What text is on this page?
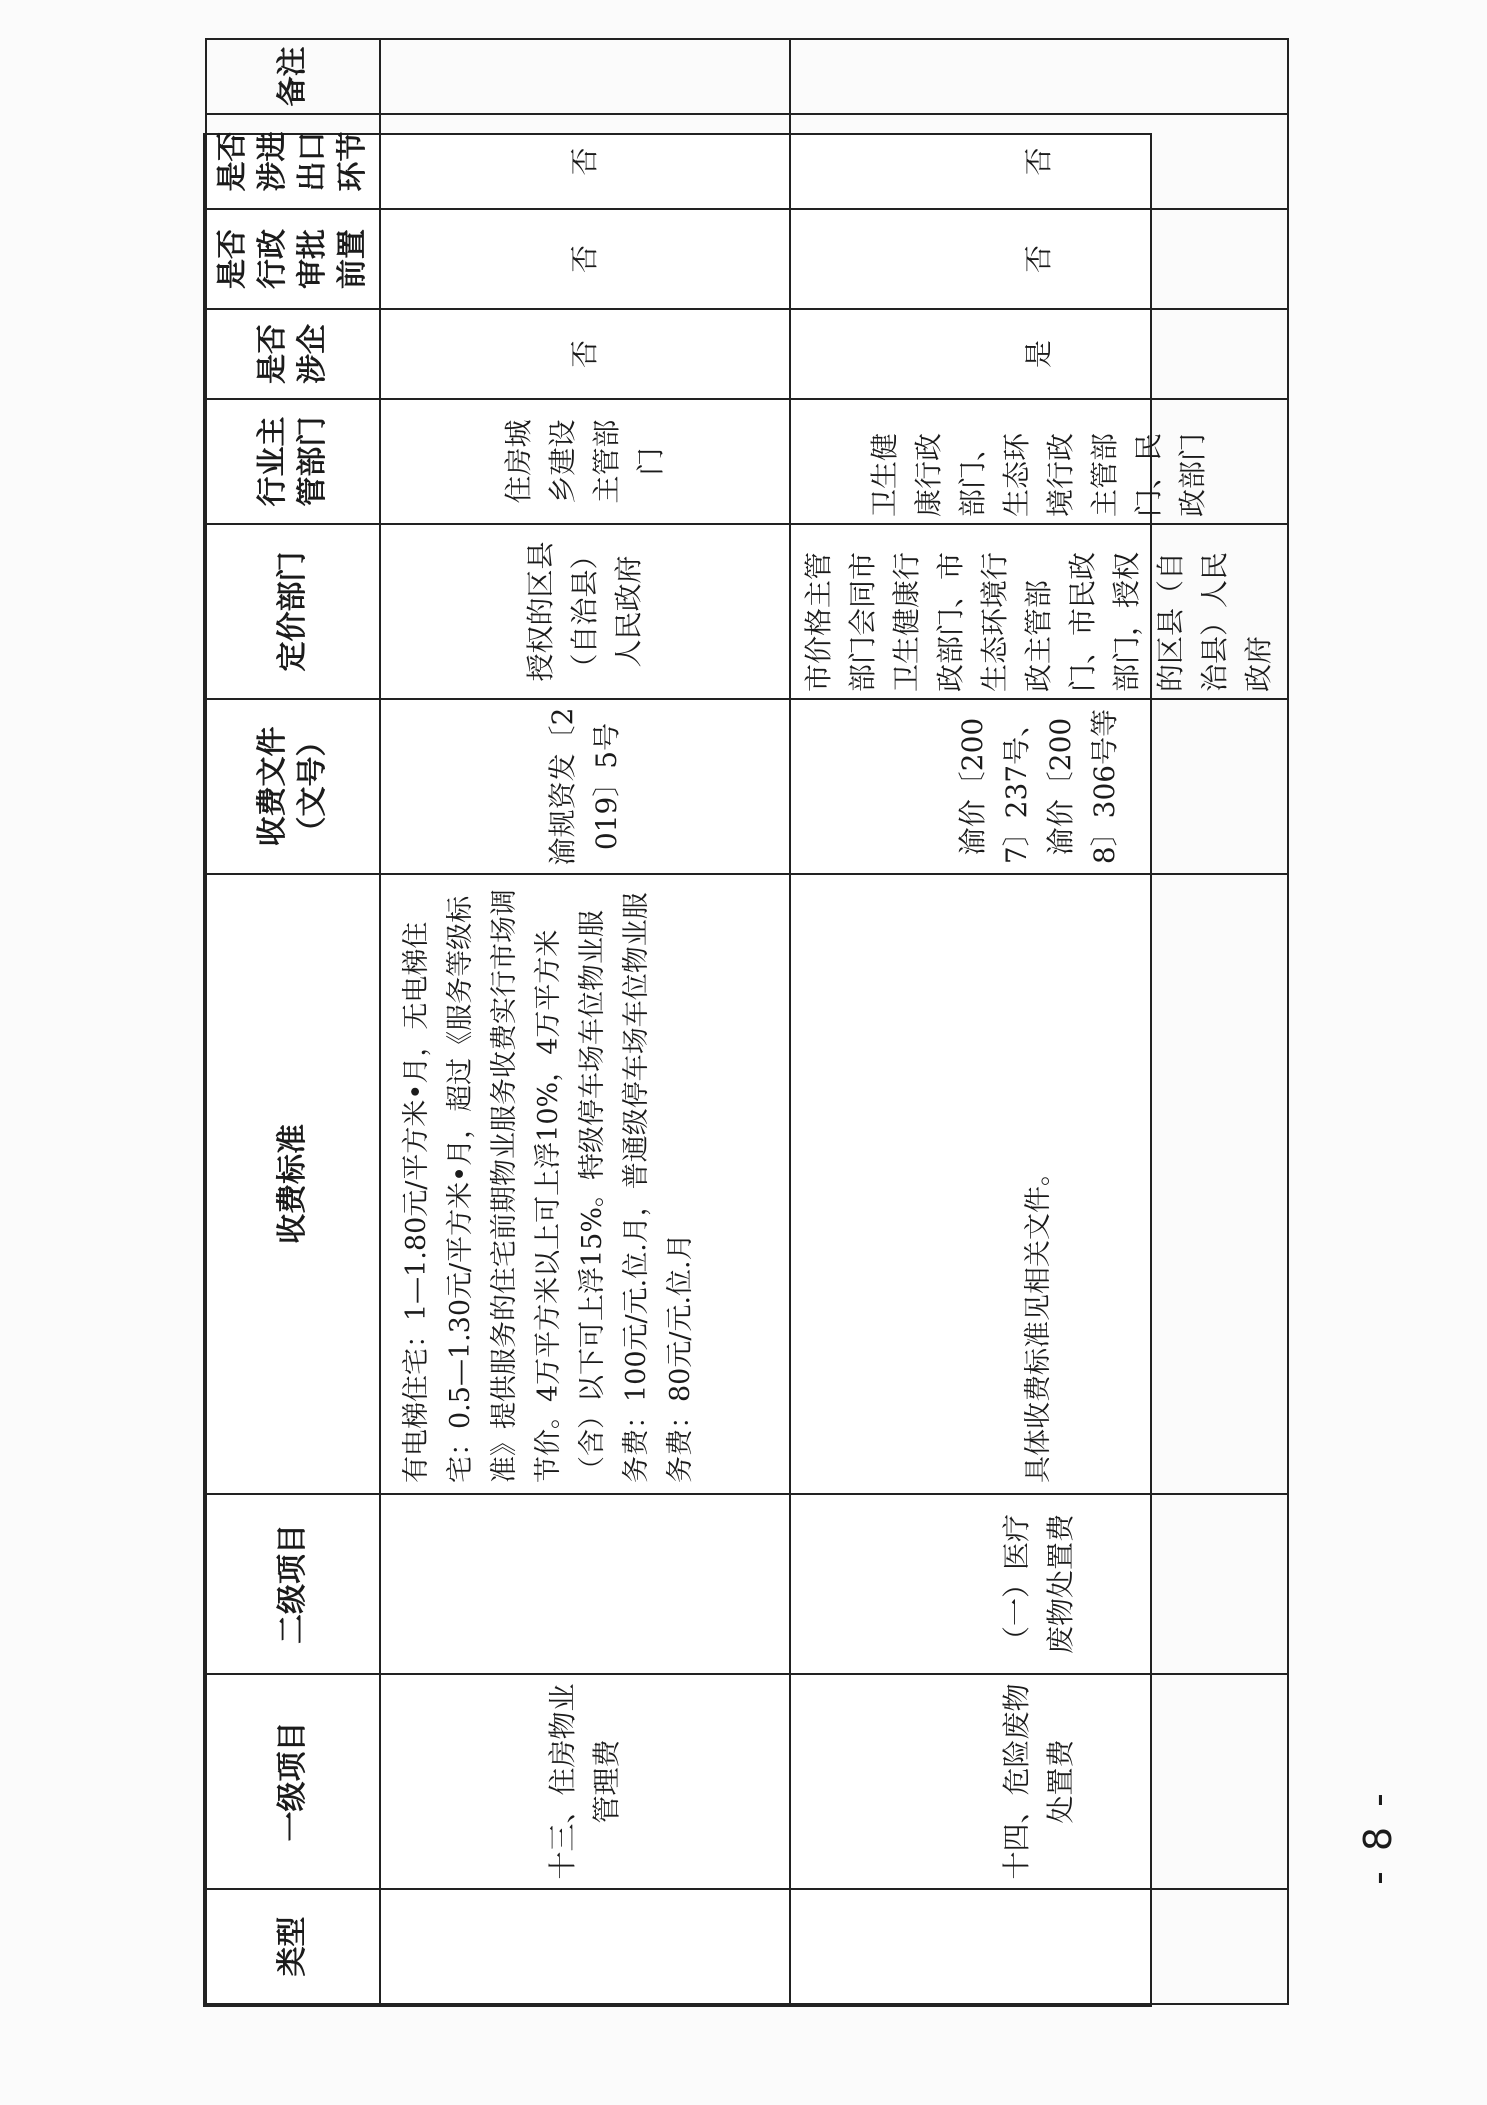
类型	一级项目	二级项目	收费标准	收费文件（文号）	定价部门	行业主管部门	是否涉企	是否行政审批前置	是否涉进出口环节	备注
	十三、住房物业管理费		有电梯住宅：1—1.80元/平方米•月，无电梯住宅：0.5—1.30元/平方米•月，超过《服务等级标准》提供服务的住宅前期物业服务收费实行市场调节价。4万平方米以上可上浮10%，4万平方米（含）以下可上浮15%。特级停车场车位物业服务费：100元/元.位.月，普通级停车场车位物业服务费：80元/元.位.月	渝规资发〔2019〕5号	授权的区县（自治县）人民政府	住房城乡建设主管部门	否	否	否	
	十四、危险废物处置费	（一）医疗废物处置费	具体收费标准见相关文件。	渝价〔2007〕237号、渝价〔2008〕306号等	市价格主管部门会同市卫生健康行政部门、市生态环境行政主管部门、市民政部门，授权的区县（自治县）人民政府	卫生健康行政部门、生态环境行政主管部门、民政部门	是	否	否	
- 8 -
